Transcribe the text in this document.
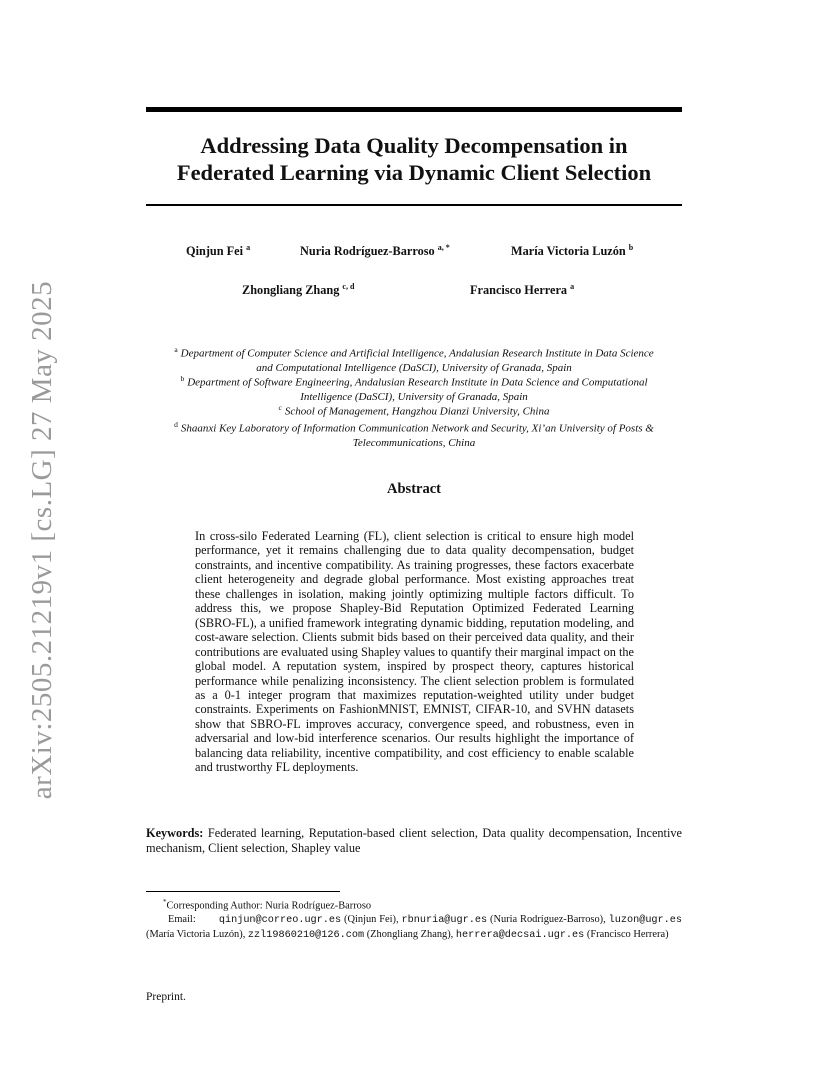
arXiv:2505.21219v1 [cs.LG] 27 May 2025
Addressing Data Quality Decompensation in
Federated Learning via Dynamic Client Selection
Qinjun Fei $^a$	Nuria Rodríguez-Barroso $^{a, *}$	María Victoria Luzón $^b$
Zhongliang Zhang $^{c, d}$	Francisco Herrera $^a$
$^a$ Department of Computer Science and Artificial Intelligence, Andalusian Research Institute in Data Science
and Computational Intelligence (DaSCI), University of Granada, Spain
$^b$ Department of Software Engineering, Andalusian Research Institute in Data Science and Computational
Intelligence (DaSCI), University of Granada, Spain
$^c$ School of Management, Hangzhou Dianzi University, China
$^d$ Shaanxi Key Laboratory of Information Communication Network and Security, Xi’an University of Posts &
Telecommunications, China
Abstract
In cross-silo Federated Learning (FL), client selection is critical to ensure high model performance, yet it remains challenging due to data quality decompensation, budget constraints, and incentive compatibility. As training progresses, these factors exacerbate client heterogeneity and degrade global performance. Most existing approaches treat these challenges in isolation, making jointly optimizing multiple factors difficult. To address this, we propose Shapley-Bid Reputation Optimized Federated Learning (SBRO-FL), a unified framework integrating dynamic bidding, reputation modeling, and cost-aware selection. Clients submit bids based on their perceived data quality, and their contributions are evaluated using Shapley values to quantify their marginal impact on the global model. A reputation system, inspired by prospect theory, captures historical performance while penalizing inconsistency. The client selection problem is formulated as a 0-1 integer program that maximizes reputation-weighted utility under budget constraints. Experiments on FashionMNIST, EMNIST, CIFAR-10, and SVHN datasets show that SBRO-FL improves accuracy, convergence speed, and robustness, even in adversarial and low-bid interference scenarios. Our results highlight the importance of balancing data reliability, incentive compatibility, and cost efficiency to enable scalable and trustworthy FL deployments.
Keywords: Federated learning, Reputation-based client selection, Data quality decompensation, Incentive mechanism, Client selection, Shapley value
*Corresponding Author: Nuria Rodríguez-Barroso
Email: qinjun@correo.ugr.es (Qinjun Fei), rbnuria@ugr.es (Nuria Rodríguez-Barroso), luzon@ugr.es (María Victoria Luzón), zzl19860210@126.com (Zhongliang Zhang), herrera@decsai.ugr.es (Francisco Herrera)
Preprint.
